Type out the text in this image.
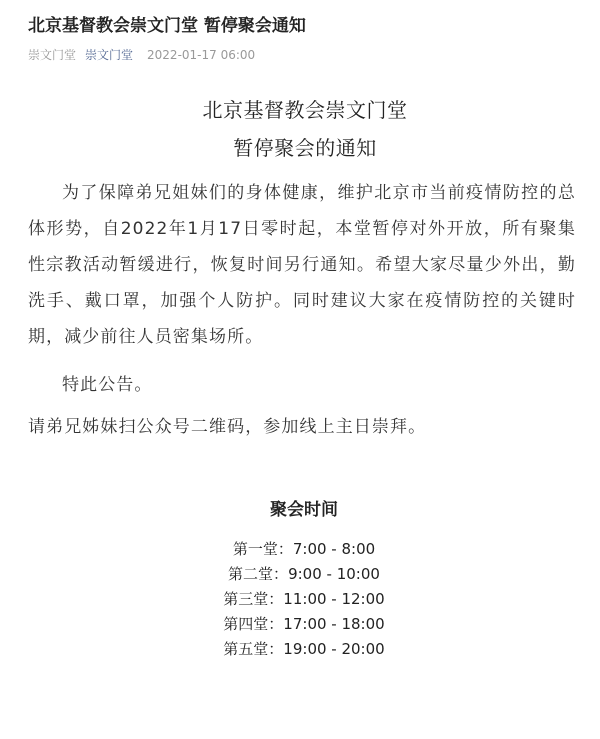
北京基督教会崇文门堂 暂停聚会通知
崇文门堂 崇文门堂 2022-01-17 06:00
北京基督教会崇文门堂
暂停聚会的通知

为了保障弟兄姐妹们的身体健康，维护北京市当前疫情防控的总体形势，自2022年1月17日零时起，本堂暂停对外开放，所有聚集性宗教活动暂缓进行，恢复时间另行通知。希望大家尽量少外出，勤洗手、戴口罩，加强个人防护。同时建议大家在疫情防控的关键时期，减少前往人员密集场所。

特此公告。

请弟兄姊妹扫公众号二维码，参加线上主日崇拜。

聚会时间
第一堂：7:00 - 8:00
第二堂：9:00 - 10:00
第三堂：11:00 - 12:00
第四堂：17:00 - 18:00
第五堂：19:00 - 20:00
